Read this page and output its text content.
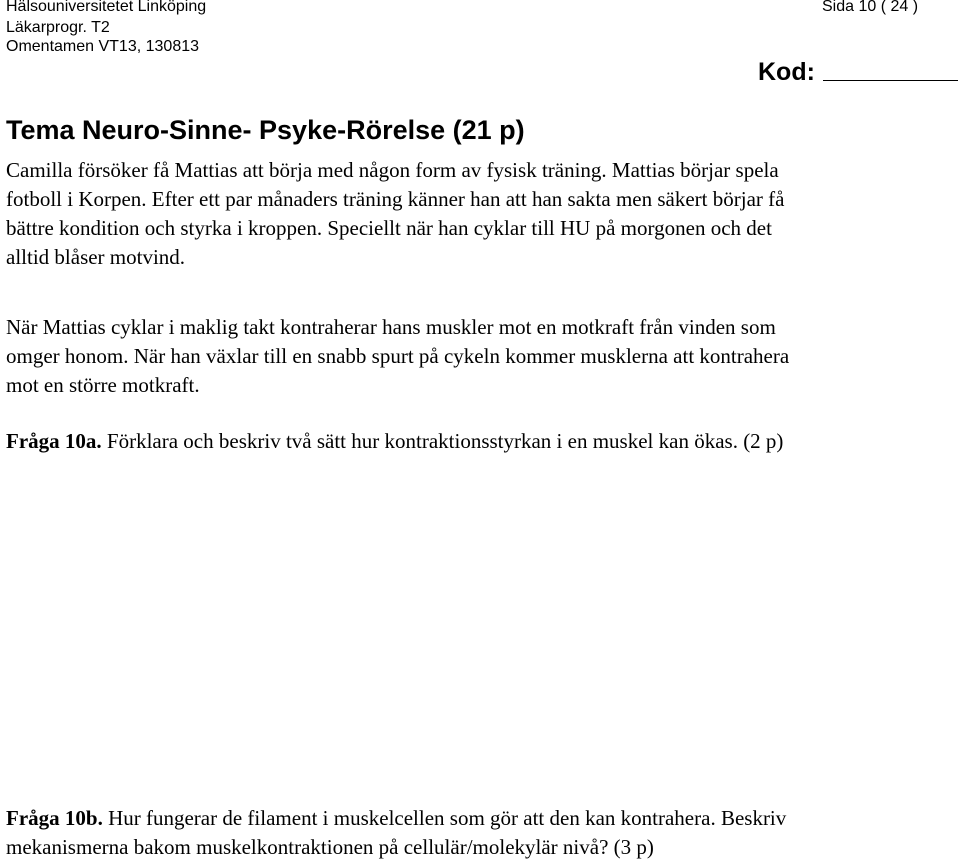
Hälsouniversitetet Linköping
Läkarprogr. T2
Omentamen VT13, 130813
Sida 10 ( 24 )
Kod:
Tema Neuro-Sinne- Psyke-Rörelse (21 p)

Camilla försöker få Mattias att börja med någon form av fysisk träning. Mattias börjar spela
fotboll i Korpen. Efter ett par månaders träning känner han att han sakta men säkert börjar få
bättre kondition och styrka i kroppen. Speciellt när han cyklar till HU på morgonen och det
alltid blåser motvind.

När Mattias cyklar i maklig takt kontraherar hans muskler mot en motkraft från vinden som
omger honom. När han växlar till en snabb spurt på cykeln kommer musklerna att kontrahera
mot en större motkraft.

Fråga 10a. Förklara och beskriv två sätt hur kontraktionsstyrkan i en muskel kan ökas. (2 p)

Fråga 10b. Hur fungerar de filament i muskelcellen som gör att den kan kontrahera. Beskriv
mekanismerna bakom muskelkontraktionen på cellulär/molekylär nivå? (3 p)
